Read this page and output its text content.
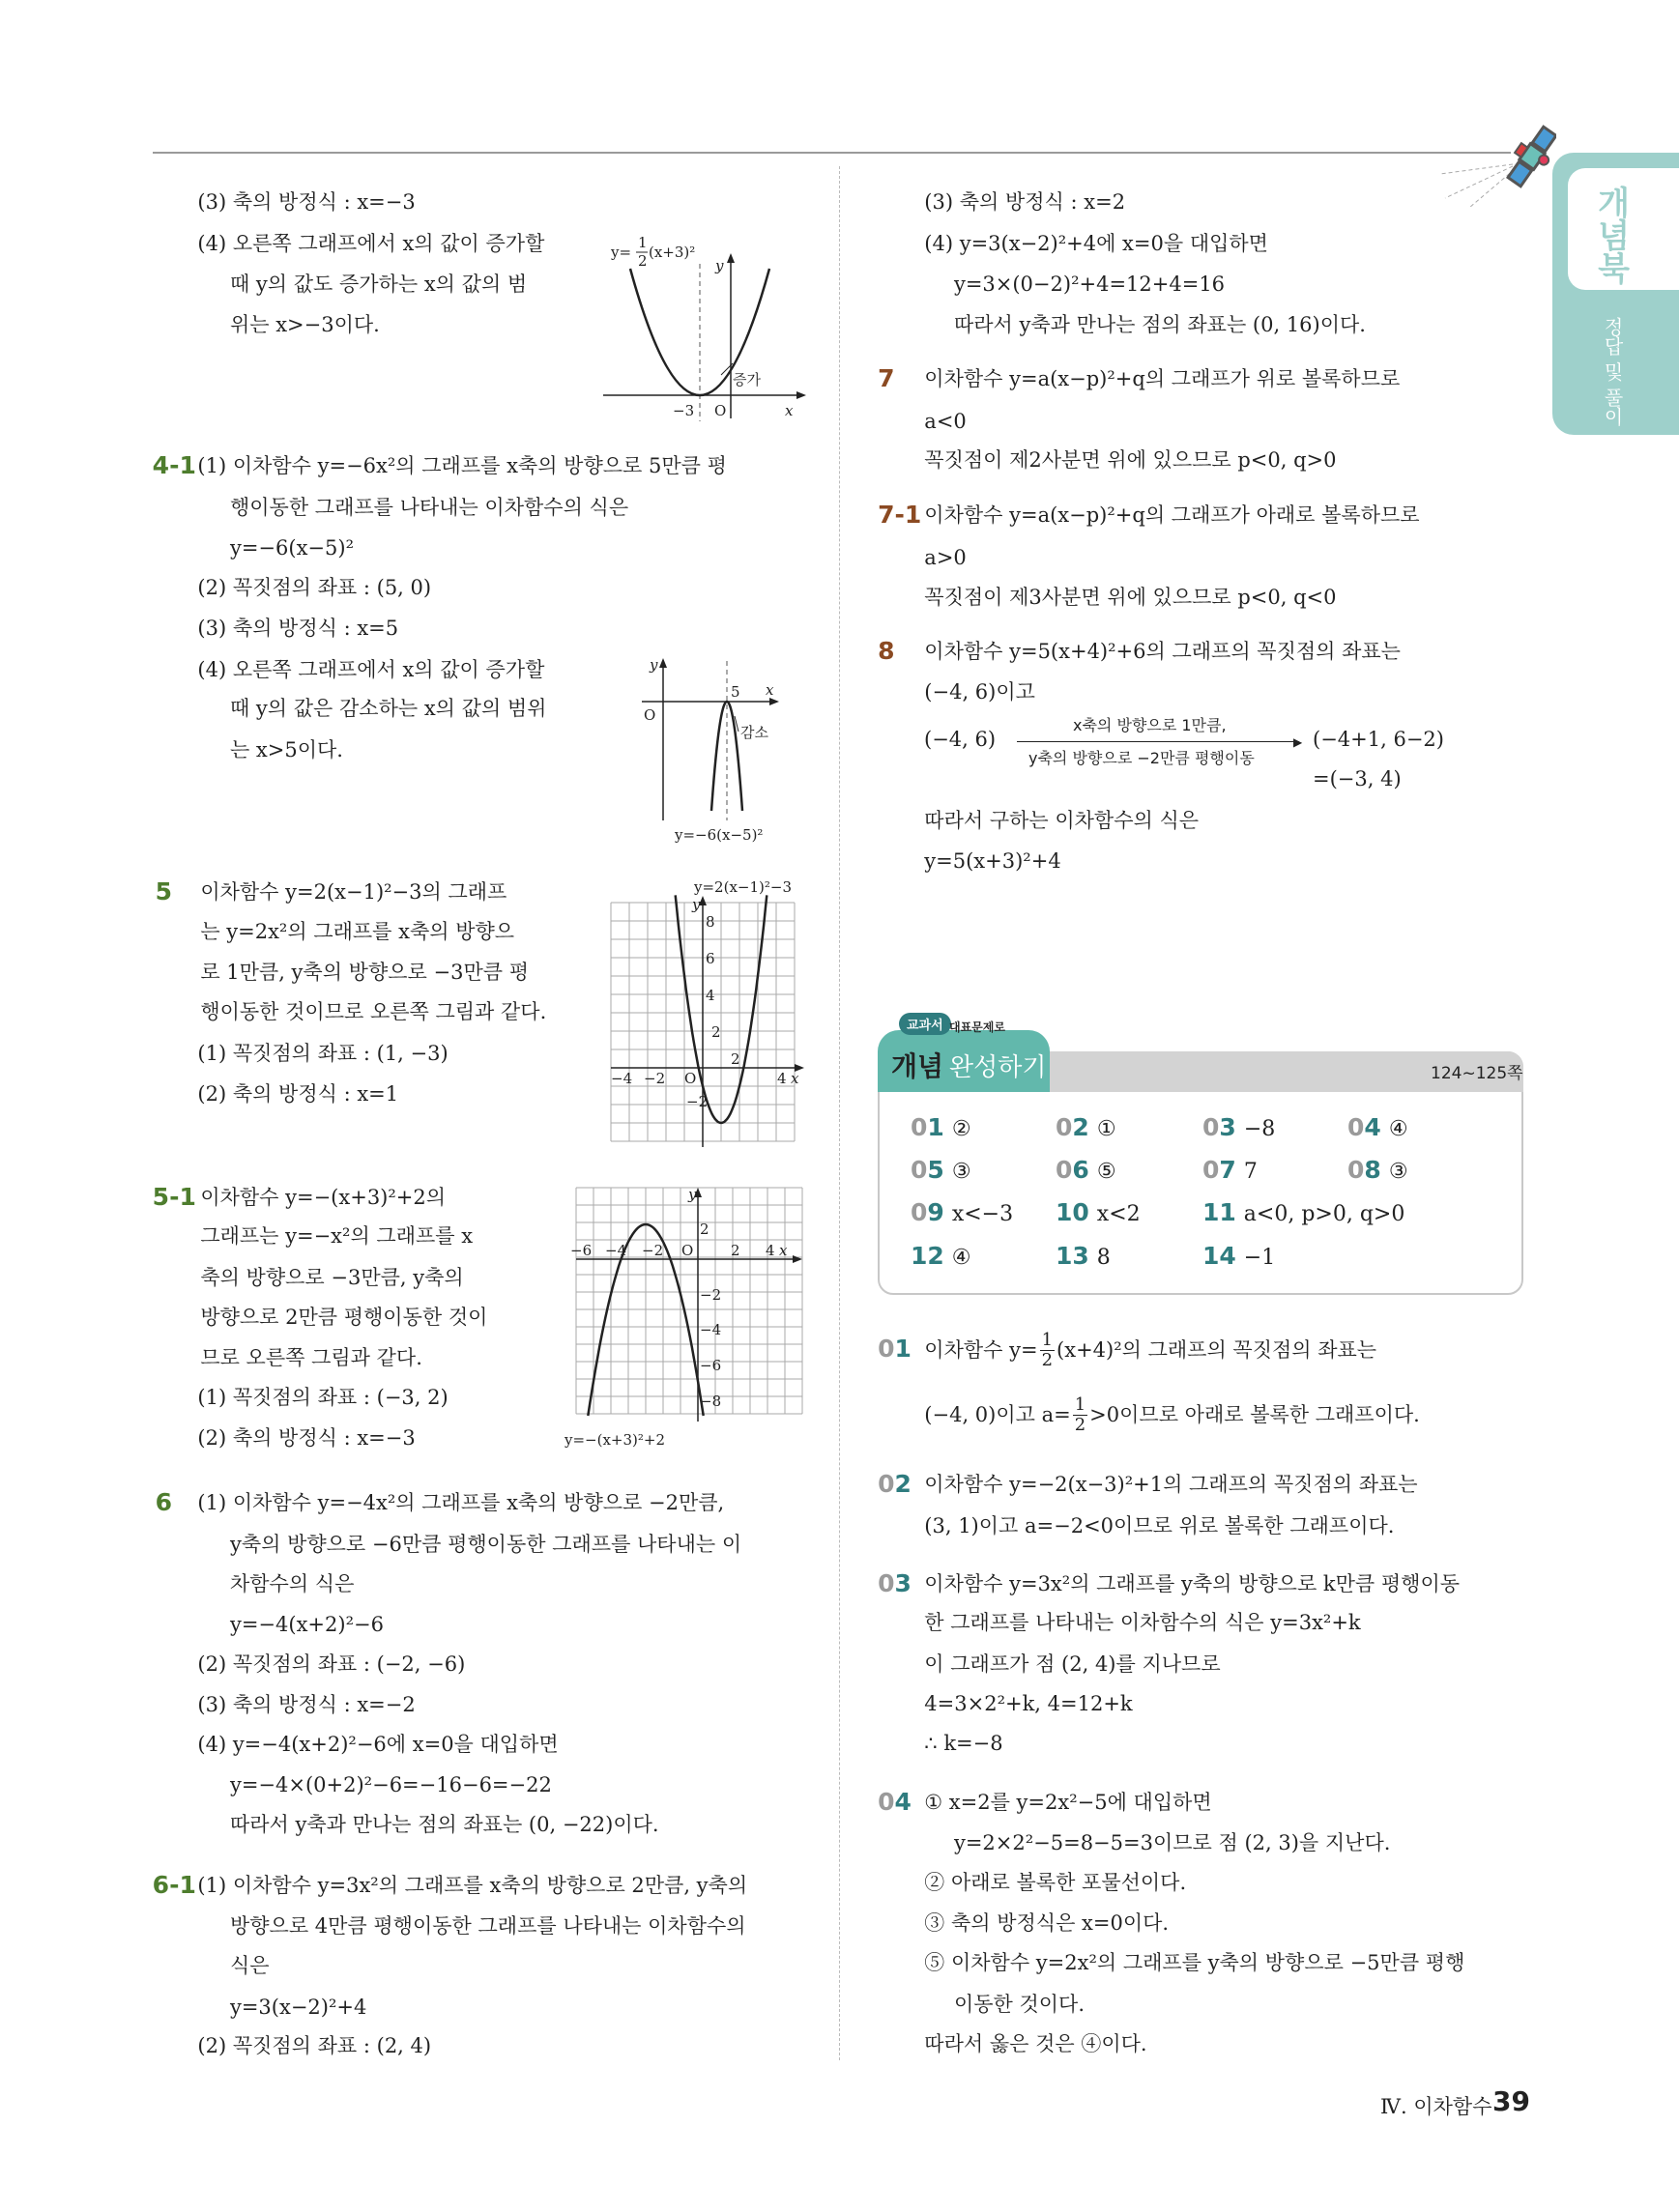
개념북
정답 및 풀이
(3) 축의 방정식 : x=−3
(4) 오른쪽 그래프에서 x의 값이 증가할
때 y의 값도 증가하는 x의 값의 범
위는 x>−3이다.
4-1 (1) 이차함수 y=−6x²의 그래프를 x축의 방향으로 5만큼 평
행이동한 그래프를 나타내는 이차함수의 식은
y=−6(x−5)²
(2) 꼭짓점의 좌표 : (5, 0)
(3) 축의 방정식 : x=5
(4) 오른쪽 그래프에서 x의 값이 증가할
때 y의 값은 감소하는 x의 값의 범위
는 x>5이다.
5 이차함수 y=2(x−1)²−3의 그래프
는 y=2x²의 그래프를 x축의 방향으
로 1만큼, y축의 방향으로 −3만큼 평
행이동한 것이므로 오른쪽 그림과 같다.
(1) 꼭짓점의 좌표 : (1, −3)
(2) 축의 방정식 : x=1
5-1 이차함수 y=−(x+3)²+2의
그래프는 y=−x²의 그래프를 x
축의 방향으로 −3만큼, y축의
방향으로 2만큼 평행이동한 것이
므로 오른쪽 그림과 같다.
(1) 꼭짓점의 좌표 : (−3, 2)
(2) 축의 방정식 : x=−3
6 (1) 이차함수 y=−4x²의 그래프를 x축의 방향으로 −2만큼,
y축의 방향으로 −6만큼 평행이동한 그래프를 나타내는 이
차함수의 식은
y=−4(x+2)²−6
(2) 꼭짓점의 좌표 : (−2, −6)
(3) 축의 방정식 : x=−2
(4) y=−4(x+2)²−6에 x=0을 대입하면
y=−4×(0+2)²−6=−16−6=−22
따라서 y축과 만나는 점의 좌표는 (0, −22)이다.
6-1 (1) 이차함수 y=3x²의 그래프를 x축의 방향으로 2만큼, y축의
방향으로 4만큼 평행이동한 그래프를 나타내는 이차함수의
식은
y=3(x−2)²+4
(2) 꼭짓점의 좌표 : (2, 4)
(3) 축의 방정식 : x=2
(4) y=3(x−2)²+4에 x=0을 대입하면
y=3×(0−2)²+4=12+4=16
따라서 y축과 만나는 점의 좌표는 (0, 16)이다.
7 이차함수 y=a(x−p)²+q의 그래프가 위로 볼록하므로
a<0
꼭짓점이 제2사분면 위에 있으므로 p<0, q>0
7-1 이차함수 y=a(x−p)²+q의 그래프가 아래로 볼록하므로
a>0
꼭짓점이 제3사분면 위에 있으므로 p<0, q<0
8 이차함수 y=5(x+4)²+6의 그래프의 꼭짓점의 좌표는
(−4, 6)이고
따라서 구하는 이차함수의 식은
y=5(x+3)²+4
01 이차함수 $y= \frac{1}{2} (x+4)^2$의 그래프의 꼭짓점의 좌표는
(−4, 0)이고 $a= \frac{1}{2} >0$이므로 아래로 볼록한 그래프이다.
02 이차함수 y=−2(x−3)²+1의 그래프의 꼭짓점의 좌표는
(3, 1)이고 a=−2<0이므로 위로 볼록한 그래프이다.
03 이차함수 y=3x²의 그래프를 y축의 방향으로 k만큼 평행이동
한 그래프를 나타내는 이차함수의 식은 y=3x²+k
이 그래프가 점 (2, 4)를 지나므로
4=3×2²+k, 4=12+k
∴ k=−8
04 ① x=2를 y=2x²−5에 대입하면
y=2×2²−5=8−5=3이므로 점 (2, 3)을 지난다.
② 아래로 볼록한 포물선이다.
③ 축의 방정식은 x=0이다.
⑤ 이차함수 y=2x²의 그래프를 y축의 방향으로 −5만큼 평행
이동한 것이다.
따라서 옳은 것은 ④이다.
(−4, 6)
x축의 방향으로 1만큼,
▶
y축의 방향으로 −2만큼 평행이동
(−4+1, 6−2)
=(−3, 4)
교과서 대표문제로
개념 완성하기	124~125쪽
01 ②	02 ①	03 −8	04 ④
05 ③	06 ⑤	07 7	08 ③
09 x<−3 10 x<2	11 a<0, p>0, q>0
12 ④	13 8	14 −1
y=
1
2 (x+3)²
y
x
O
−3
증가
y
O
5 x
감소
y=−6(x−5)²
y=2(x−1)²−3
8
6
4
2
−2
−4 −2
2
4
O	x
y
2
−2
−4
−6
−8
−6 −4 −2	2 4
O	x
y
y=−(x+3)²+2
Ⅳ. 이차함수 39
